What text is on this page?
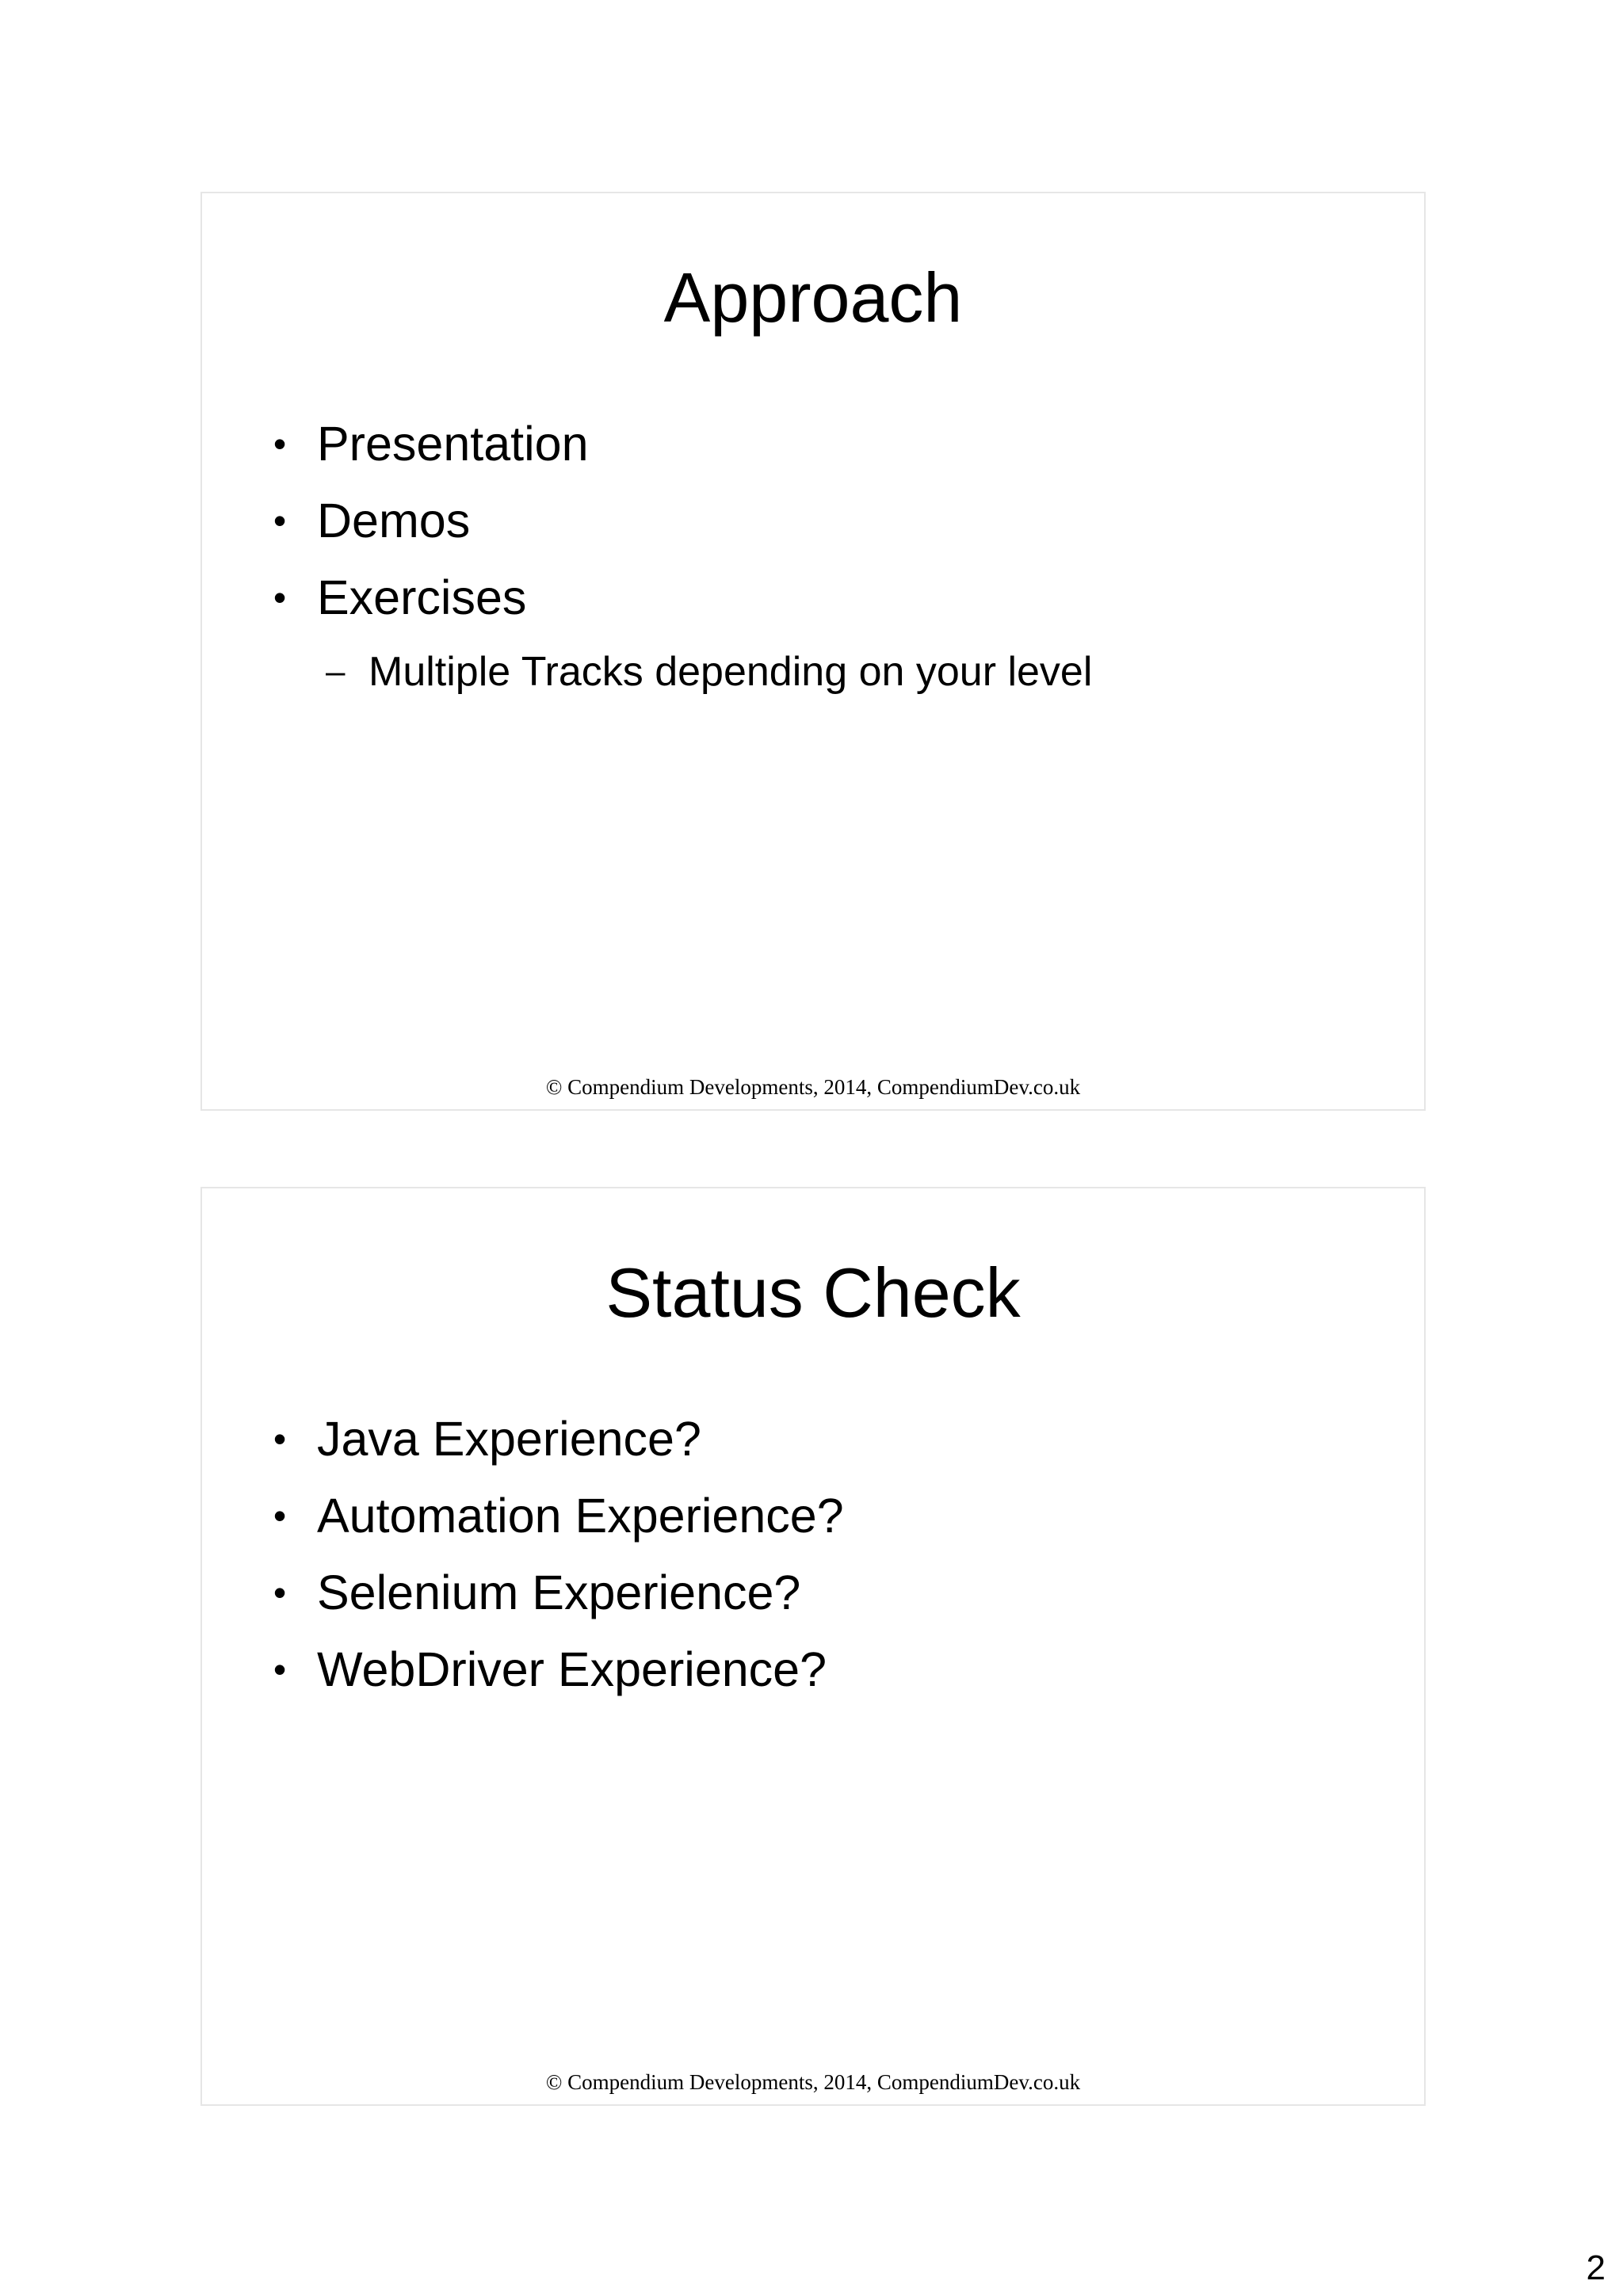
Approach
• Presentation
• Demos
• Exercises
– Multiple Tracks depending on your level
© Compendium Developments, 2014, CompendiumDev.co.uk
Status Check
• Java Experience?
• Automation Experience?
• Selenium Experience?
• WebDriver Experience?
© Compendium Developments, 2014, CompendiumDev.co.uk
2
